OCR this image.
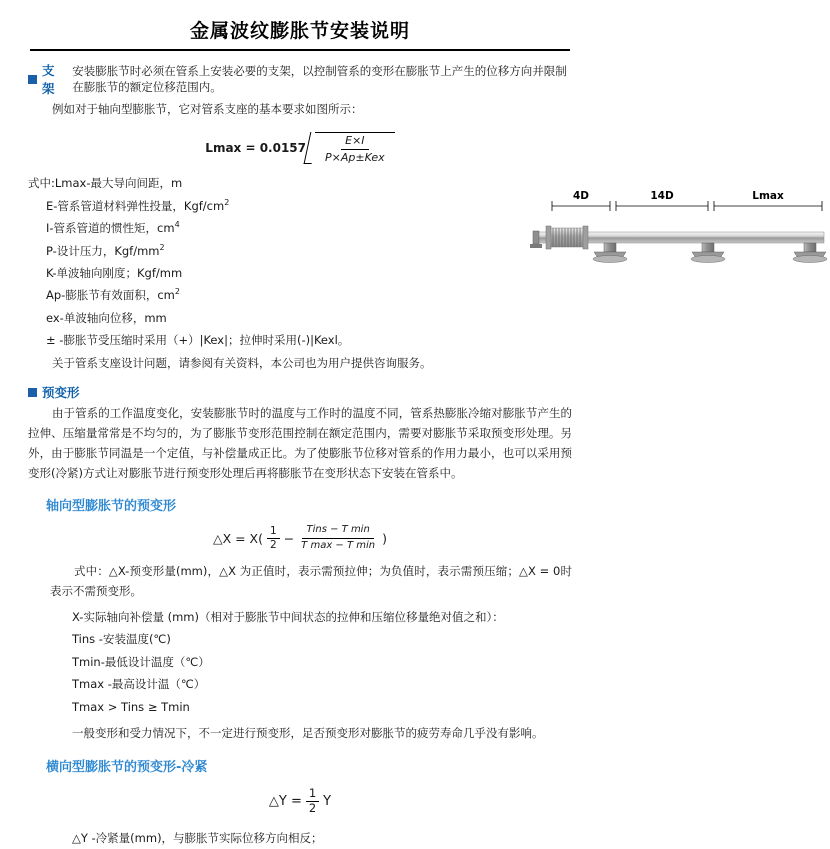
金属波纹膨胀节安装说明
支架
安装膨胀节时必须在管系上安装必要的支架，以控制管系的变形在膨胀节上产生的位移方向并限制在膨胀节的额定位移范围内。

例如对于轴向型膨胀节，它对管系支座的基本要求如图所示：

$Lmax = 0.0157 \frac{E\times I}{\text{P×Ap±Kex}}$
式中:Lmax-最大导向间距，m
E-管系管道材料弹性投量，Kgf/$cm^2$
I-管系管道的惯性矩，$cm^4$
P-设计压力，Kgf/$mm^2$
K-单波轴向刚度；Kgf/mm
Ap-膨胀节有效面积，$cm^2$
ex-单波轴向位移，mm
± -膨胀节受压缩时采用（+）|Kex|；拉伸时采用(-)|Kexl。
4D	14D	Lmax

关于管系支座设计问题，请参阅有关资料，本公司也为用户提供咨询服务。

预变形

由于管系的工作温度变化，安装膨胀节时的温度与工作时的温度不同，管系热膨胀冷缩对膨胀节产生的拉伸、压缩量常常是不均匀的，为了膨胀节变形范围控制在额定范围内，需要对膨胀节采取预变形处理。另外，由于膨胀节同温是一个定值，与补偿量成正比。为了使膨胀节位移对管系的作用力最小，也可以采用预变形(冷紧)方式让对膨胀节进行预变形处理后再将膨胀节在变形状态下安装在管系中。

轴向型膨胀节的预变形
△X = $X( \frac{1}{2} - \frac{\text{Tins − T min}}{\text{T max − T min}}$ )

式中：△X-预变形量(mm)，△X 为正值时，表示需预拉伸；为负值时，表示需预压缩；△X = 0时表示不需预变形。

X-实际轴向补偿量 (mm)（相对于膨胀节中间状态的拉伸和压缩位移量绝对值之和）：
Tins -安装温度(℃)
Tmin-最低设计温度（℃）
Tmax -最高设计温（℃）
Tmax > Tins ≥ Tmin

一般变形和受力情况下，不一定进行预变形，足否预变形对膨胀节的疲劳寿命几乎没有影响。

横向型膨胀节的预变形-冷紧
△Y = $\frac{1}{2}$ Y

△Y -冷紧量(mm)，与膨胀节实际位移方向相反；
